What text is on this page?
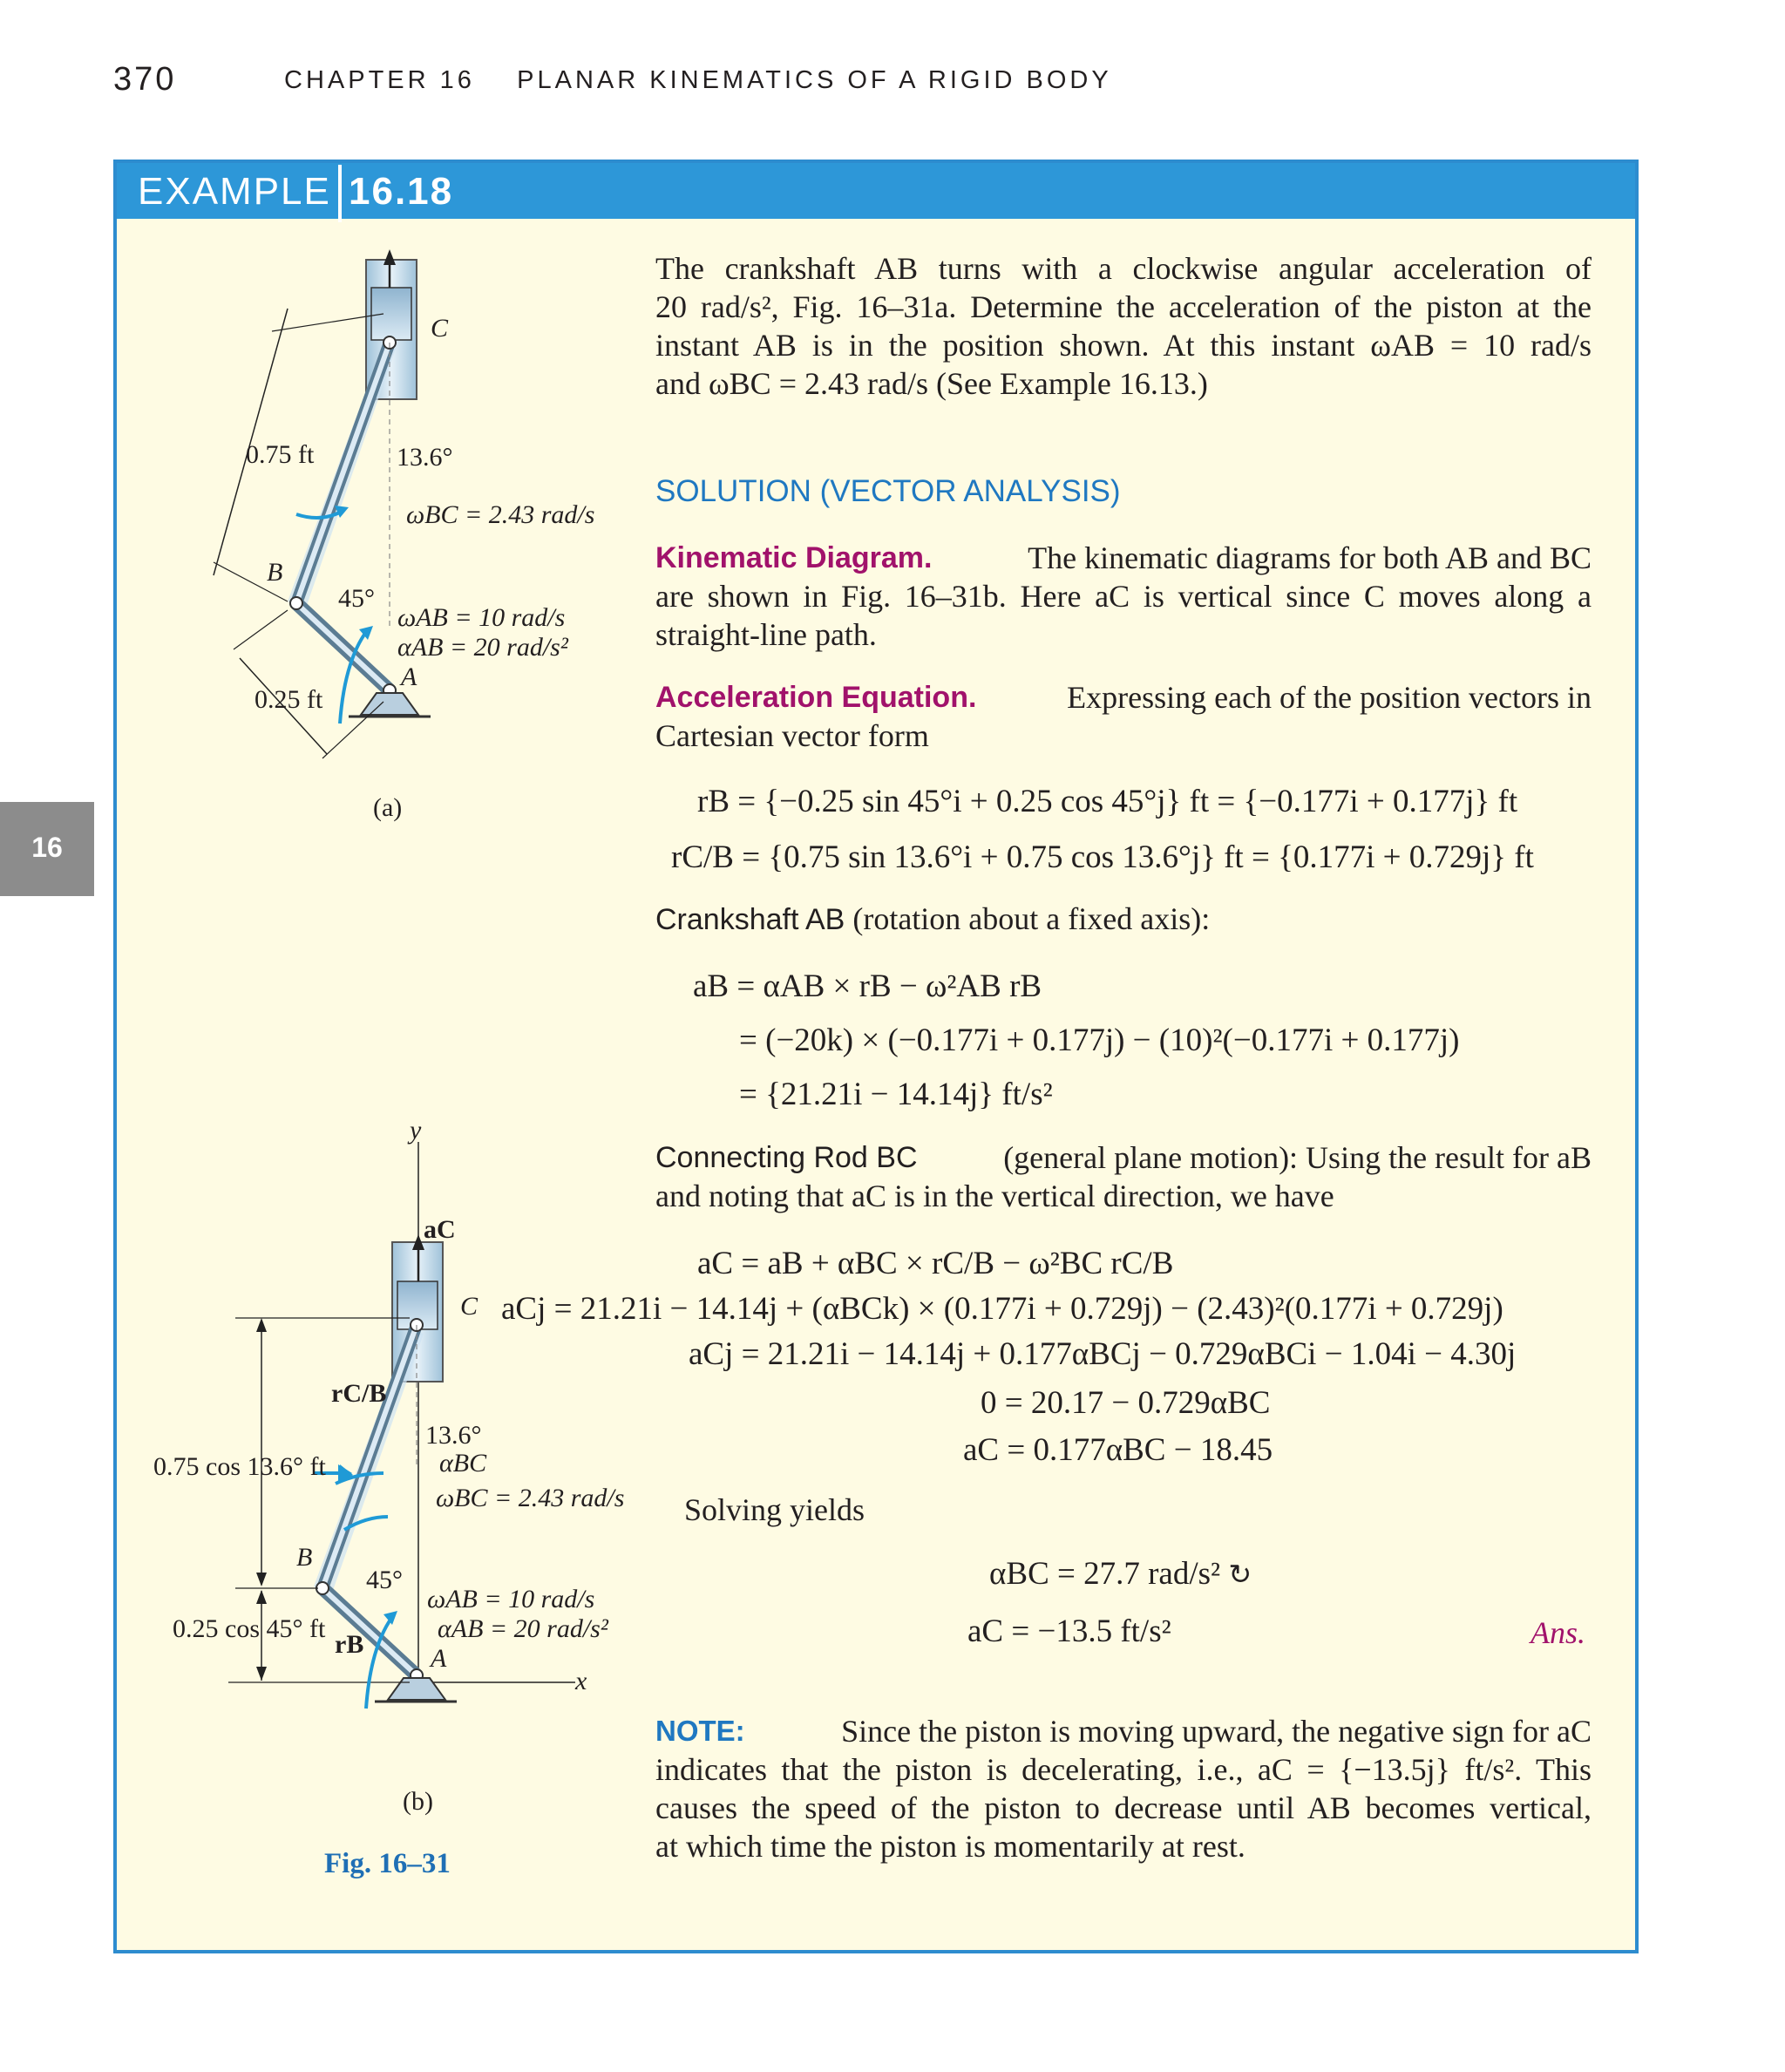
370	CHAPTER 16 PLANAR KINEMATICS OF A RIGID BODY
16
EXAMPLE 16.18
The crankshaft AB turns with a clockwise angular acceleration of
20 rad/s², Fig. 16–31a. Determine the acceleration of the piston at the
instant AB is in the position shown. At this instant ωAB = 10 rad/s
and ωBC = 2.43 rad/s (See Example 16.13.)
SOLUTION (VECTOR ANALYSIS)
Kinematic Diagram.	The kinematic diagrams for both AB and BC
are shown in Fig. 16–31b. Here aC is vertical since C moves along a
straight-line path.
Acceleration Equation.	Expressing each of the position vectors in
Cartesian vector form
rB = {−0.25 sin 45°i + 0.25 cos 45°j} ft = {−0.177i + 0.177j} ft
rC/B = {0.75 sin 13.6°i + 0.75 cos 13.6°j} ft = {0.177i + 0.729j} ft
Crankshaft AB (rotation about a fixed axis):
aB = αAB × rB − ω²AB rB
= (−20k) × (−0.177i + 0.177j) − (10)²(−0.177i + 0.177j)
= {21.21i − 14.14j} ft/s²
Connecting Rod BC	(general plane motion): Using the result for aB
and noting that aC is in the vertical direction, we have
aC = aB + αBC × rC/B − ω²BC rC/B
aCj = 21.21i − 14.14j + (αBCk) × (0.177i + 0.729j) − (2.43)²(0.177i + 0.729j)
aCj = 21.21i − 14.14j + 0.177αBCj − 0.729αBCi − 1.04i − 4.30j
0 = 20.17 − 0.729αBC
aC = 0.177αBC − 18.45
Solving yields
αBC = 27.7 rad/s² ↻
aC = −13.5 ft/s²	Ans.
NOTE:	Since the piston is moving upward, the negative sign for aC
indicates that the piston is decelerating, i.e., aC = {−13.5j} ft/s². This
causes the speed of the piston to decrease until AB becomes vertical,
at which time the piston is momentarily at rest.
C
0.75 ft	13.6°
ωBC = 2.43 rad/s
B
45°
ωAB = 10 rad/s
αAB = 20 rad/s²
A
0.25 ft
(a)
y
aC
C
rC/B
13.6°
0.75 cos 13.6° ft	αBC
ωBC = 2.43 rad/s
B
45°
ωAB = 10 rad/s
αAB = 20 rad/s²
0.25 cos 45° ft
rB	A
x
(b)
Fig. 16–31
